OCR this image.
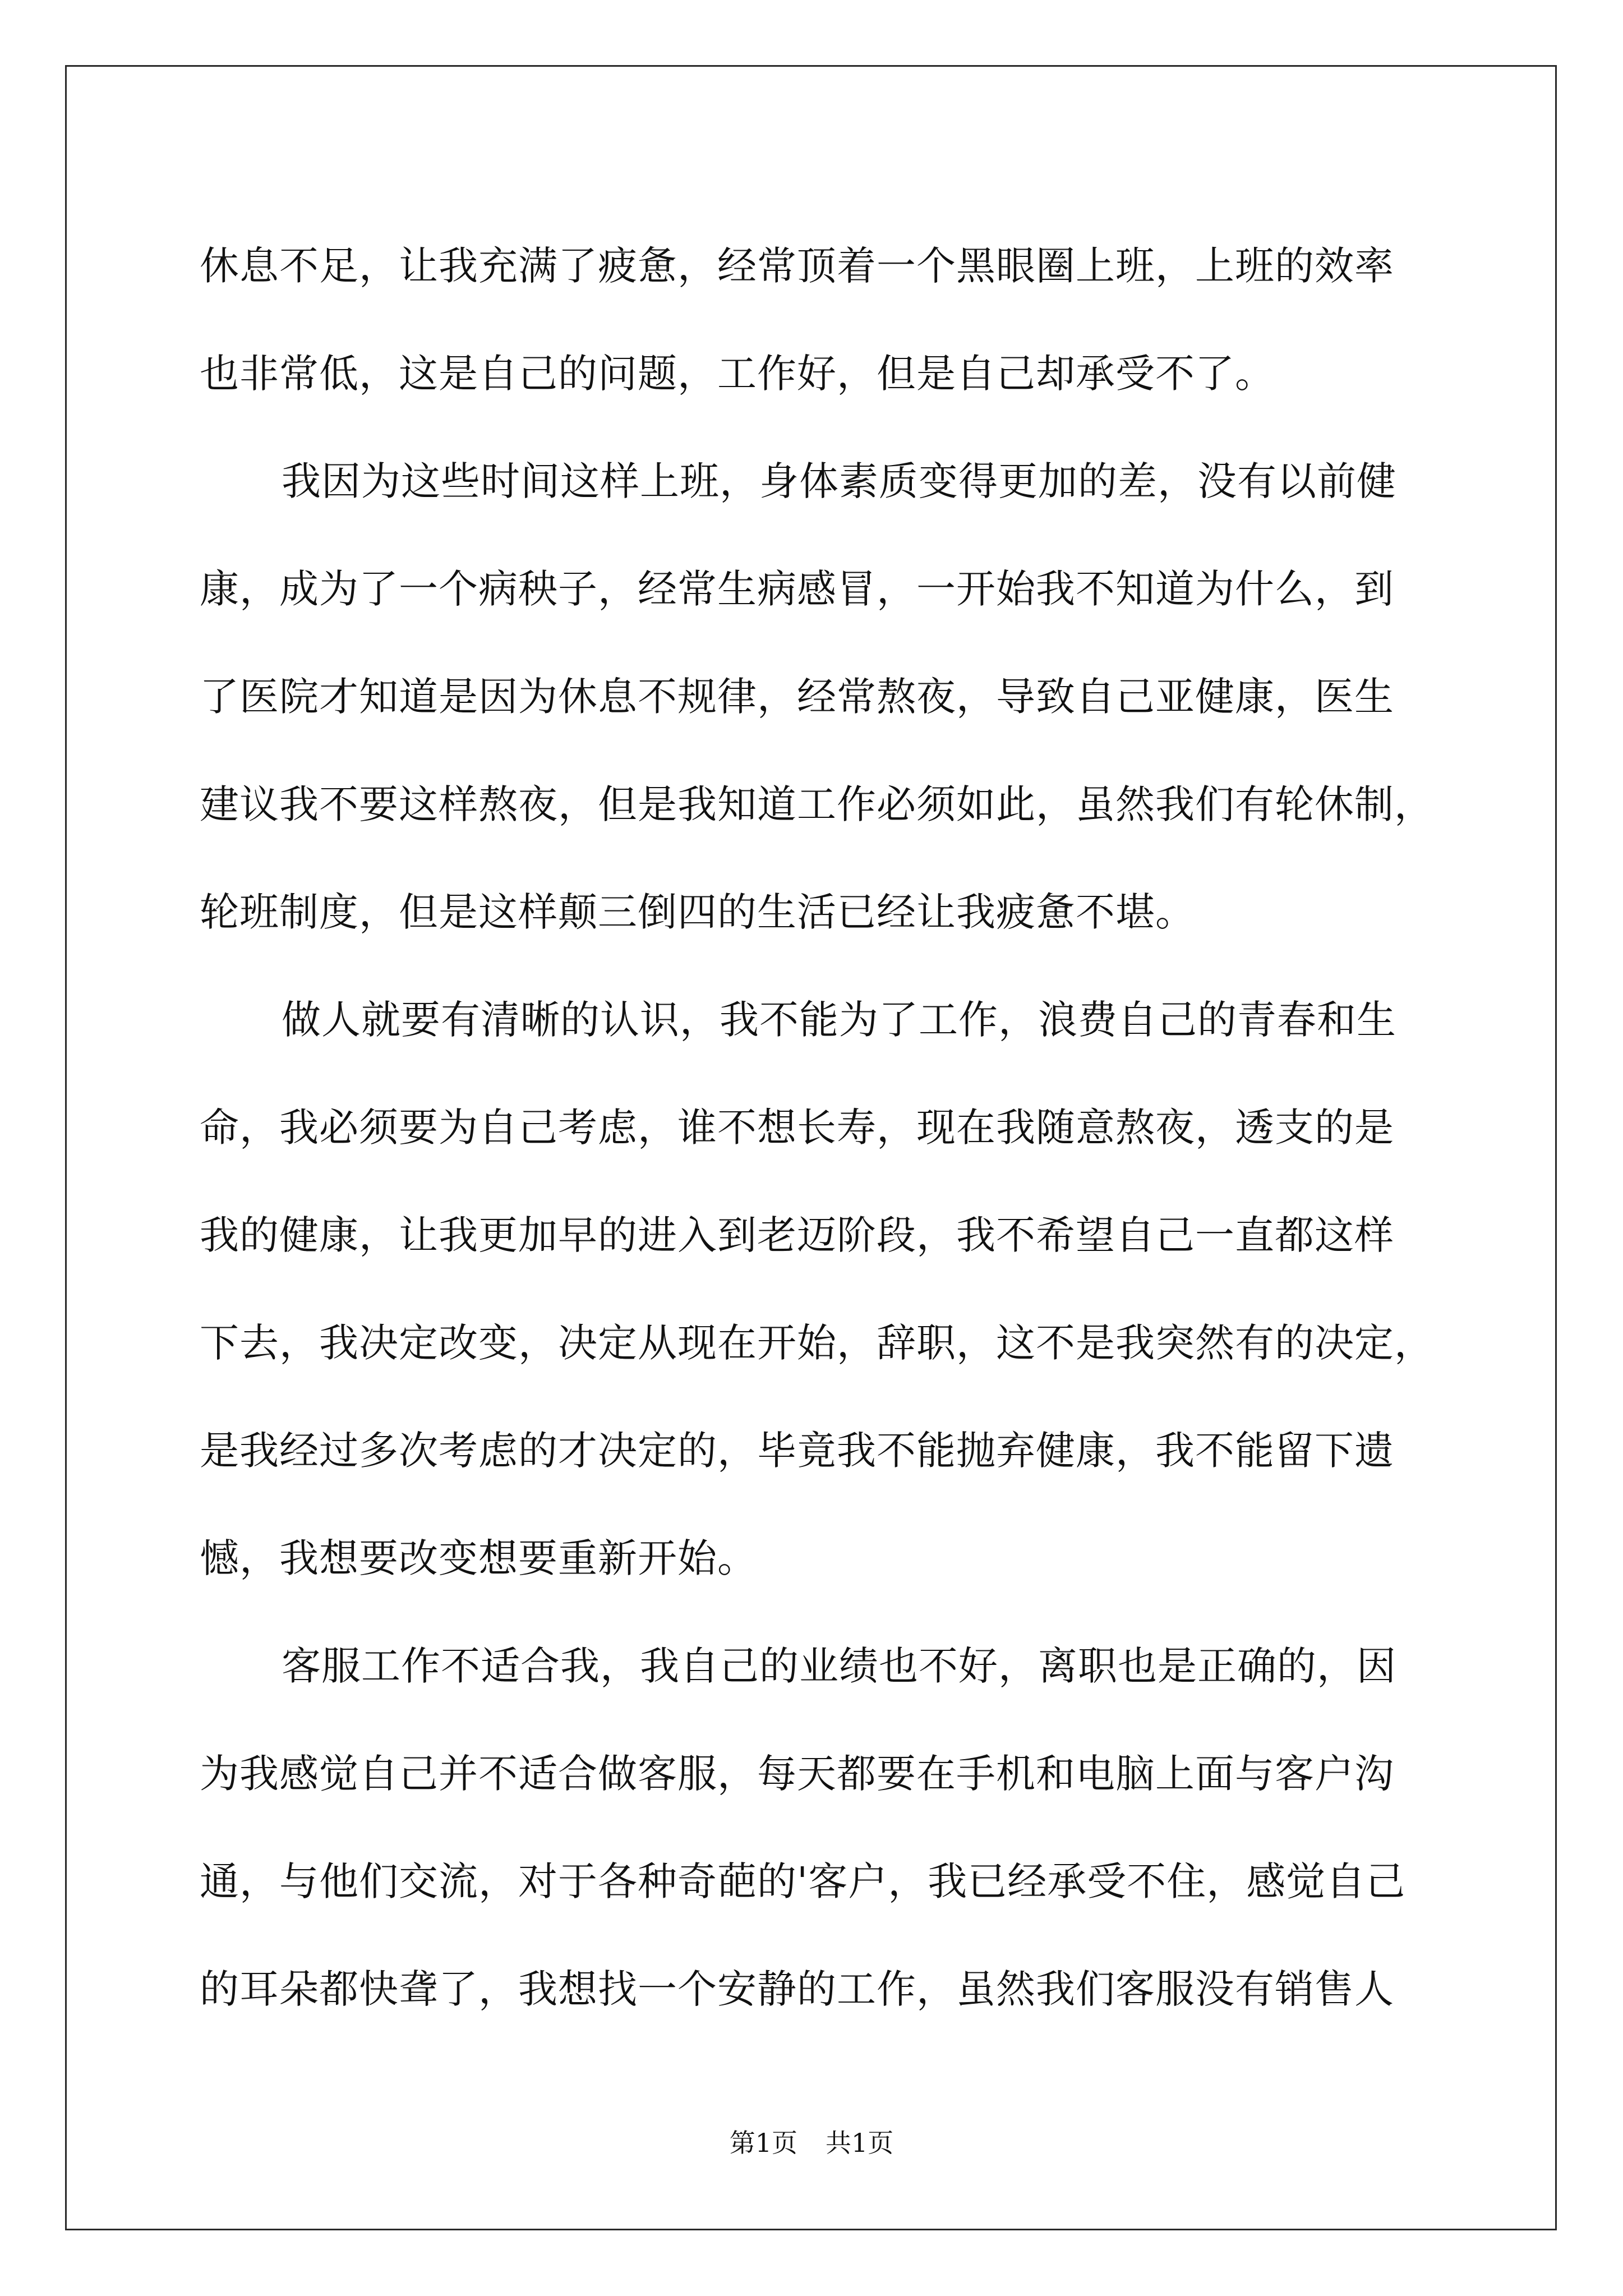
休息不足，让我充满了疲惫，经常顶着一个黑眼圈上班，上班的效率
也非常低，这是自己的问题，工作好，但是自己却承受不了。
我因为这些时间这样上班，身体素质变得更加的差，没有以前健
康，成为了一个病秧子，经常生病感冒，一开始我不知道为什么，到
了医院才知道是因为休息不规律，经常熬夜，导致自己亚健康，医生
建议我不要这样熬夜，但是我知道工作必须如此，虽然我们有轮休制，
轮班制度，但是这样颠三倒四的生活已经让我疲惫不堪。
做人就要有清晰的认识，我不能为了工作，浪费自己的青春和生
命，我必须要为自己考虑，谁不想长寿，现在我随意熬夜，透支的是
我的健康，让我更加早的进入到老迈阶段，我不希望自己一直都这样
下去，我决定改变，决定从现在开始，辞职，这不是我突然有的决定，
是我经过多次考虑的才决定的，毕竟我不能抛弃健康，我不能留下遗
憾，我想要改变想要重新开始。
客服工作不适合我，我自己的业绩也不好，离职也是正确的，因
为我感觉自己并不适合做客服，每天都要在手机和电脑上面与客户沟
通，与他们交流，对于各种奇葩的'客户，我已经承受不住，感觉自己
的耳朵都快聋了，我想找一个安静的工作，虽然我们客服没有销售人
第1页 共1页
